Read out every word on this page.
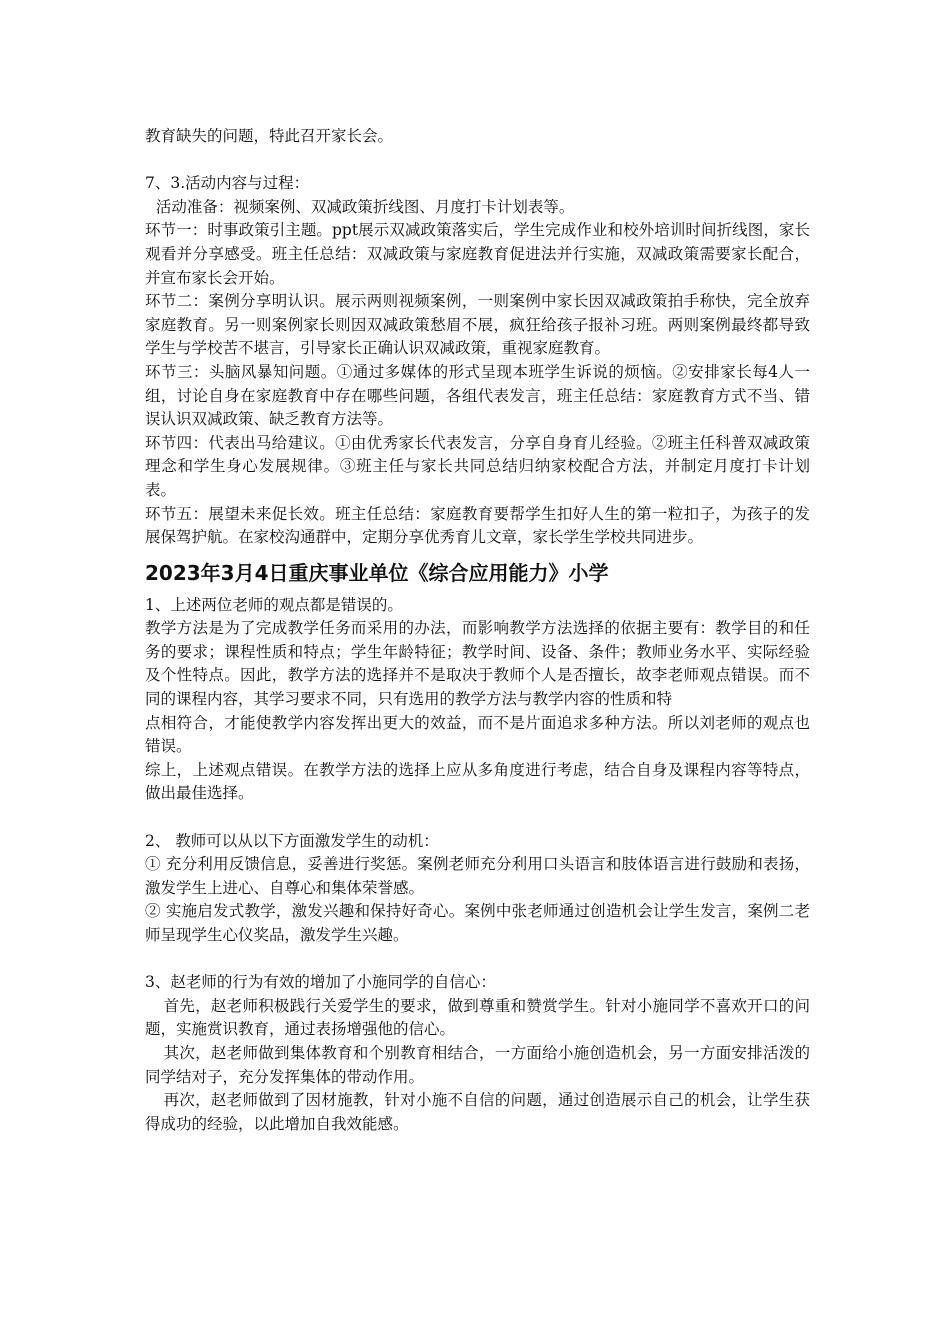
教育缺失的问题，特此召开家长会。

7、3.活动内容与过程：

活动准备：视频案例、双减政策折线图、月度打卡计划表等。

环节一：时事政策引主题。ppt展示双减政策落实后，学生完成作业和校外培训时间折线图，家长观看并分享感受。班主任总结：双减政策与家庭教育促进法并行实施，双减政策需要家长配合，并宣布家长会开始。

环节二：案例分享明认识。展示两则视频案例，一则案例中家长因双减政策拍手称快，完全放弃家庭教育。另一则案例家长则因双减政策愁眉不展，疯狂给孩子报补习班。两则案例最终都导致学生与学校苦不堪言，引导家长正确认识双减政策，重视家庭教育。

环节三：头脑风暴知问题。①通过多媒体的形式呈现本班学生诉说的烦恼。②安排家长每4人一组，讨论自身在家庭教育中存在哪些问题，各组代表发言，班主任总结：家庭教育方式不当、错误认识双减政策、缺乏教育方法等。

环节四：代表出马给建议。①由优秀家长代表发言，分享自身育儿经验。②班主任科普双减政策理念和学生身心发展规律。③班主任与家长共同总结归纳家校配合方法，并制定月度打卡计划表。

环节五：展望未来促长效。班主任总结：家庭教育要帮学生扣好人生的第一粒扣子，为孩子的发展保驾护航。在家校沟通群中，定期分享优秀育儿文章，家长学生学校共同进步。

2023年3月4日重庆事业单位《综合应用能力》小学

1、上述两位老师的观点都是错误的。

教学方法是为了完成教学任务而采用的办法，而影响教学方法选择的依据主要有：教学目的和任务的要求；课程性质和特点；学生年龄特征；教学时间、设备、条件；教师业务水平、实际经验及个性特点。因此，教学方法的选择并不是取决于教师个人是否擅长，故李老师观点错误。而不同的课程内容，其学习要求不同，只有选用的教学方法与教学内容的性质和特

点相符合，才能使教学内容发挥出更大的效益，而不是片面追求多种方法。所以刘老师的观点也错误。

综上，上述观点错误。在教学方法的选择上应从多角度进行考虑，结合自身及课程内容等特点，做出最佳选择。

2、 教师可以从以下方面激发学生的动机：

① 充分利用反馈信息，妥善进行奖惩。案例老师充分利用口头语言和肢体语言进行鼓励和表扬，激发学生上进心、自尊心和集体荣誉感。

② 实施启发式教学，激发兴趣和保持好奇心。案例中张老师通过创造机会让学生发言，案例二老师呈现学生心仪奖品，激发学生兴趣。

3、赵老师的行为有效的增加了小施同学的自信心：

首先，赵老师积极践行关爱学生的要求，做到尊重和赞赏学生。针对小施同学不喜欢开口的问题，实施赏识教育，通过表扬增强他的信心。

其次，赵老师做到集体教育和个别教育相结合，一方面给小施创造机会，另一方面安排活泼的同学结对子，充分发挥集体的带动作用。

再次，赵老师做到了因材施教，针对小施不自信的问题，通过创造展示自己的机会，让学生获得成功的经验，以此增加自我效能感。
